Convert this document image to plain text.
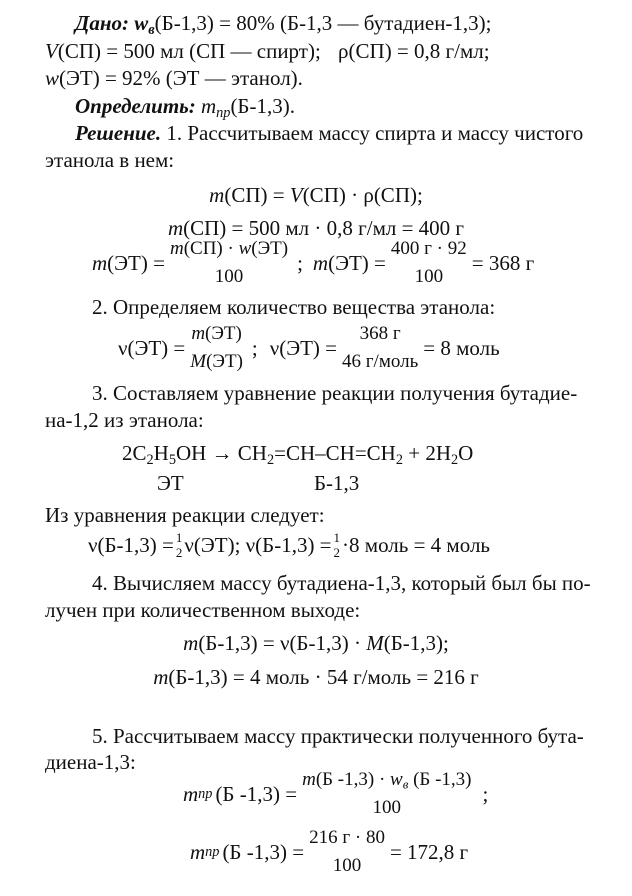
Дано: $w_в(Б-1,3) = 80\%$ (Б-1,3 — бутадиен-1,3);
V(СП) = 500 мл (СП — спирт); ρ(СП) = 0,8 г/мл;
w(ЭТ) = 92% (ЭТ — этанол).
Определить: $m_{пр}(Б-1,3)$.
Решение. 1. Рассчитываем массу спирта и массу чистого
этанола в нем:
m(СП) = V(СП) · ρ(СП);
m(СП) = 500 мл · 0,8 г/мл = 400 г
m (ЭТ) =
m(СП) · w(ЭТ)
100
; m (ЭТ) =
400 г · 92
100
= 368 г
2. Определяем количество вещества этанола:
ν(ЭТ) =
m(ЭТ)
M(ЭТ)
; ν(ЭТ) =
368 г
46 г/моль
= 8 моль
3. Составляем уравнение реакции получения бутадие-
на-1,2 из этанола:
$2C_2H_5OH \to CH_2=CH-CH=CH_2 + 2H_2O$
ЭТ	Б-1,3
Из уравнения реакции следует:
ν(Б-1,3) = 1
2 ν(ЭТ); ν(Б-1,3) = 1
2 ·8 моль = 4 моль
4. Вычисляем массу бутадиена-1,3, который был бы по-
лучен при количественном выходе:
m(Б-1,3) = ν(Б-1,3) · M(Б-1,3);
m(Б-1,3) = 4 моль · 54 г/моль = 216 г
5. Рассчитываем массу практически полученного бута-
диена-1,3:
m пр (Б -1,3) =
m(Б $-1,3) \cdot w_в$ (Б -1,3)
100
;
m пр (Б -1,3) =
216 г · 80
100
= 172,8 г
